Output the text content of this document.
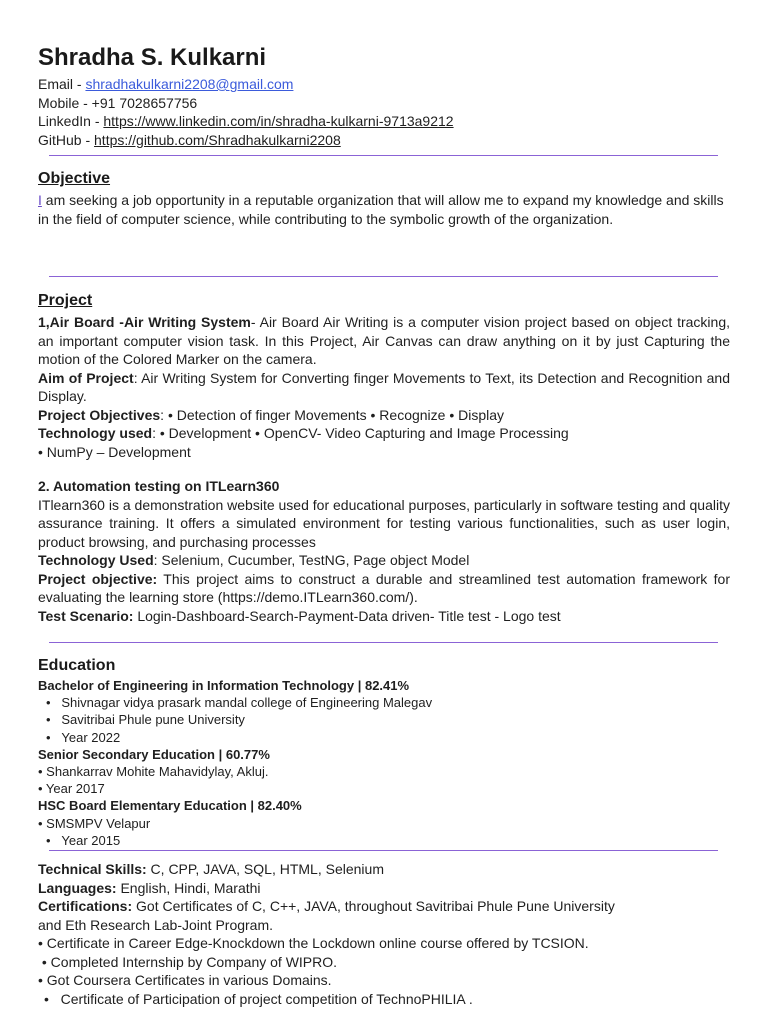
Shradha S. Kulkarni
Email - shradhakulkarni2208@gmail.com
Mobile - +91 7028657756
LinkedIn - https://www.linkedin.com/in/shradha-kulkarni-9713a9212
GitHub - https://github.com/Shradhakulkarni2208
Objective
I am seeking a job opportunity in a reputable organization that will allow me to expand my knowledge and skills in the field of computer science, while contributing to the symbolic growth of the organization.
Project
1,Air Board -Air Writing System- Air Board Air Writing is a computer vision project based on object tracking, an important computer vision task. In this Project, Air Canvas can draw anything on it by just Capturing the motion of the Colored Marker on the camera.
Aim of Project: Air Writing System for Converting finger Movements to Text, its Detection and Recognition and Display.
Project Objectives: • Detection of finger Movements • Recognize • Display
Technology used: • Development • OpenCV- Video Capturing and Image Processing
• NumPy – Development
2. Automation testing on ITLearn360
ITlearn360 is a demonstration website used for educational purposes, particularly in software testing and quality assurance training. It offers a simulated environment for testing various functionalities, such as user login, product browsing, and purchasing processes
Technology Used: Selenium, Cucumber, TestNG, Page object Model
Project objective: This project aims to construct a durable and streamlined test automation framework for evaluating the learning store (https://demo.ITLearn360.com/).
Test Scenario: Login-Dashboard-Search-Payment-Data driven- Title test - Logo test
Education
Bachelor of Engineering in Information Technology | 82.41%
•   Shivnagar vidya prasark mandal college of Engineering Malegav
•   Savitribai Phule pune University
•   Year 2022
Senior Secondary Education | 60.77%
• Shankarrav Mohite Mahavidylay, Akluj.
• Year 2017
HSC Board Elementary Education | 82.40%
• SMSMPV Velapur
•   Year 2015
Technical Skills: C, CPP, JAVA, SQL, HTML, Selenium
Languages: English, Hindi, Marathi
Certifications: Got Certificates of C, C++, JAVA, throughout Savitribai Phule Pune University
and Eth Research Lab-Joint Program.
• Certificate in Career Edge-Knockdown the Lockdown online course offered by TCSION.
• Completed Internship by Company of WIPRO.
• Got Coursera Certificates in various Domains.
•   Certificate of Participation of project competition of TechnoPHILIA .
